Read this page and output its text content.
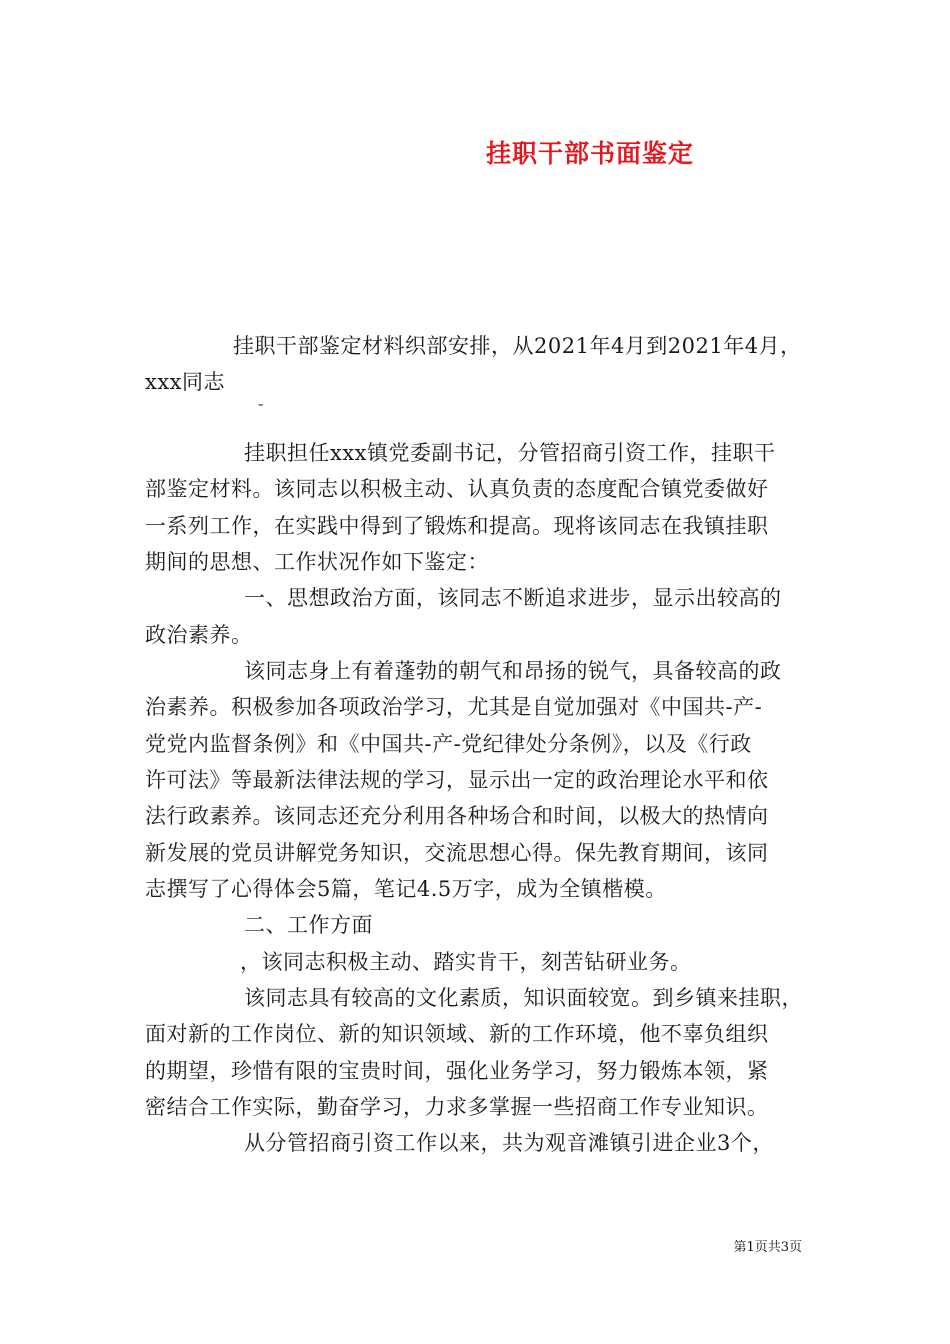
挂职干部书面鉴定
挂职干部鉴定材料织部安排，从2021年4月到2021年4月，
xxx同志
-
挂职担任xxx镇党委副书记，分管招商引资工作，挂职干
部鉴定材料。该同志以积极主动、认真负责的态度配合镇党委做好
一系列工作，在实践中得到了锻炼和提高。现将该同志在我镇挂职
期间的思想、工作状况作如下鉴定：
一、思想政治方面，该同志不断追求进步，显示出较高的
政治素养。
该同志身上有着蓬勃的朝气和昂扬的锐气，具备较高的政
治素养。积极参加各项政治学习，尤其是自觉加强对《中国共-产-
党党内监督条例》和《中国共-产-党纪律处分条例》，以及《行政
许可法》等最新法律法规的学习，显示出一定的政治理论水平和依
法行政素养。该同志还充分利用各种场合和时间，以极大的热情向
新发展的党员讲解党务知识，交流思想心得。保先教育期间，该同
志撰写了心得体会5篇，笔记4.5万字，成为全镇楷模。
二、工作方面
，该同志积极主动、踏实肯干，刻苦钻研业务。
该同志具有较高的文化素质，知识面较宽。到乡镇来挂职，
面对新的工作岗位、新的知识领域、新的工作环境，他不辜负组织
的期望，珍惜有限的宝贵时间，强化业务学习，努力锻炼本领，紧
密结合工作实际，勤奋学习，力求多掌握一些招商工作专业知识。
从分管招商引资工作以来，共为观音滩镇引进企业3个，
第1页共3页
